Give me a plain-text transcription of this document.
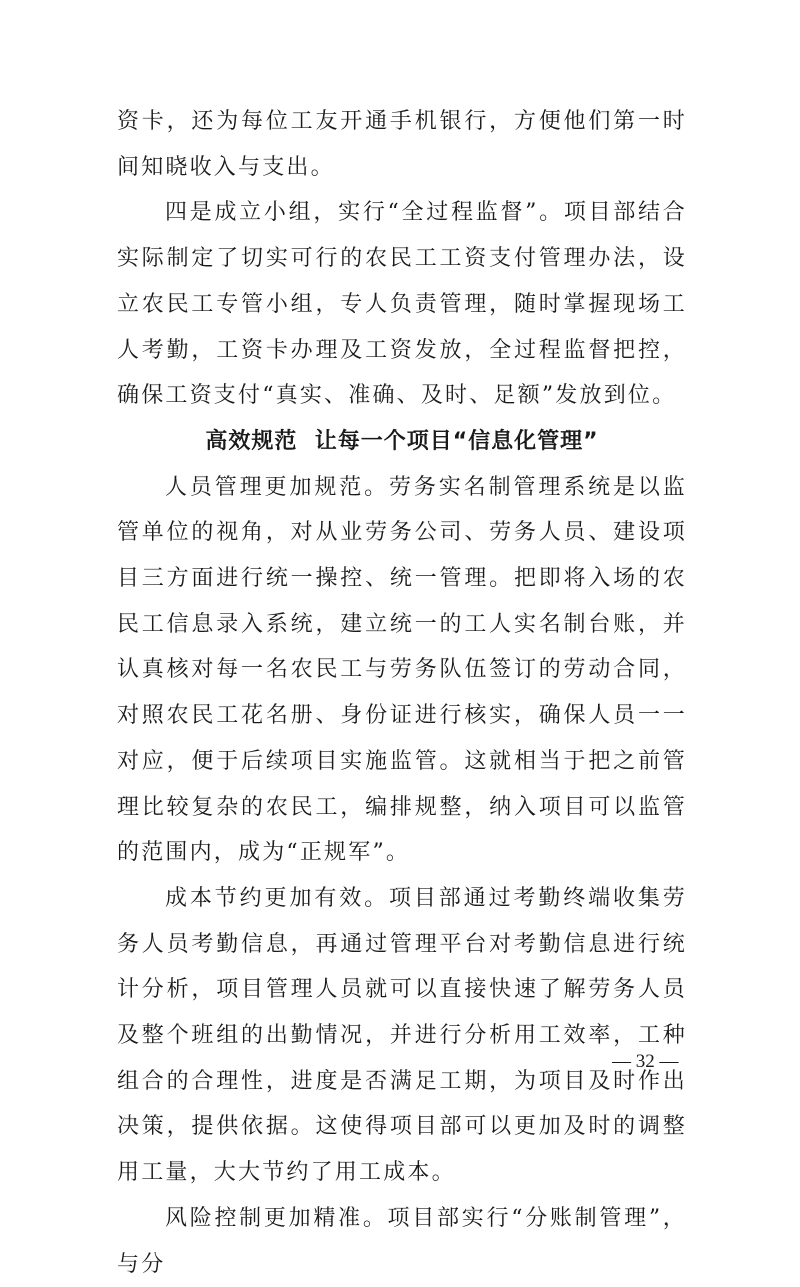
资卡，还为每位工友开通手机银行，方便他们第一时间知晓收入与支出。

四是成立小组，实行“全过程监督”。项目部结合实际制定了切实可行的农民工工资支付管理办法，设立农民工专管小组，专人负责管理，随时掌握现场工人考勤，工资卡办理及工资发放，全过程监督把控，确保工资支付“真实、准确、及时、足额”发放到位。

高效规范  让每一个项目“信息化管理”

人员管理更加规范。劳务实名制管理系统是以监管单位的视角，对从业劳务公司、劳务人员、建设项目三方面进行统一操控、统一管理。把即将入场的农民工信息录入系统，建立统一的工人实名制台账，并认真核对每一名农民工与劳务队伍签订的劳动合同，对照农民工花名册、身份证进行核实，确保人员一一对应，便于后续项目实施监管。这就相当于把之前管理比较复杂的农民工，编排规整，纳入项目可以监管的范围内，成为“正规军”。

成本节约更加有效。项目部通过考勤终端收集劳务人员考勤信息，再通过管理平台对考勤信息进行统计分析，项目管理人员就可以直接快速了解劳务人员及整个班组的出勤情况，并进行分析用工效率，工种组合的合理性，进度是否满足工期，为项目及时作出决策，提供依据。这使得项目部可以更加及时的调整用工量，大大节约了用工成本。

风险控制更加精准。项目部实行“分账制管理”，与分

— 32 —
